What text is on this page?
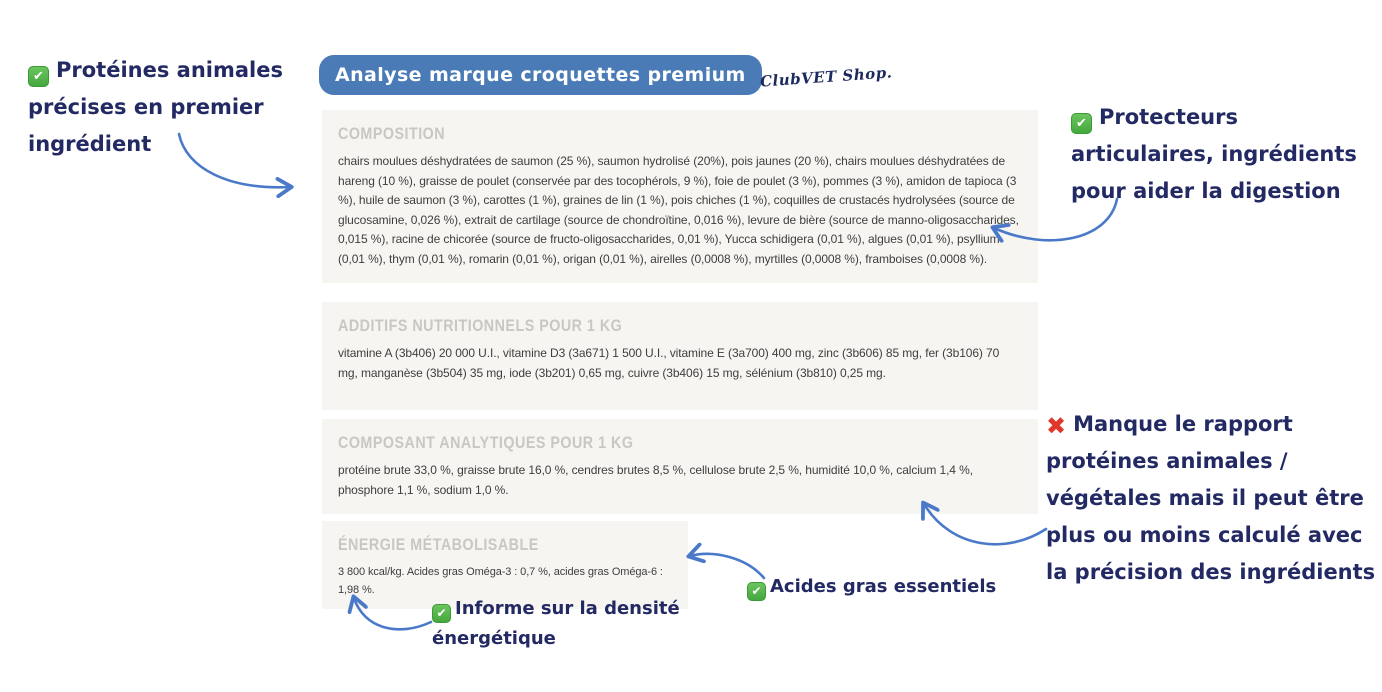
Analyse marque croquettes premium ClubVET Shop.
COMPOSITION
chairs moulues déshydratées de saumon (25 %), saumon hydrolisé (20%), pois jaunes (20 %), chairs moulues déshydratées de hareng (10 %), graisse de poulet (conservée par des tocophérols, 9 %), foie de poulet (3 %), pommes (3 %), amidon de tapioca (3 %), huile de saumon (3 %), carottes (1 %), graines de lin (1 %), pois chiches (1 %), coquilles de crustacés hydrolysées (source de glucosamine, 0,026 %), extrait de cartilage (source de chondroïtine, 0,016 %), levure de bière (source de manno-oligosaccharides, 0,015 %), racine de chicorée (source de fructo-oligosaccharides, 0,01 %), Yucca schidigera (0,01 %), algues (0,01 %), psyllium (0,01 %), thym (0,01 %), romarin (0,01 %), origan (0,01 %), airelles (0,0008 %), myrtilles (0,0008 %), framboises (0,0008 %).
ADDITIFS NUTRITIONNELS POUR 1 KG
vitamine A (3b406) 20 000 U.I., vitamine D3 (3a671) 1 500 U.I., vitamine E (3a700) 400 mg, zinc (3b606) 85 mg, fer (3b106) 70 mg, manganèse (3b504) 35 mg, iode (3b201) 0,65 mg, cuivre (3b406) 15 mg, sélénium (3b810) 0,25 mg.
COMPOSANT ANALYTIQUES POUR 1 KG
protéine brute 33,0 %, graisse brute 16,0 %, cendres brutes 8,5 %, cellulose brute 2,5 %, humidité 10,0 %, calcium 1,4 %, phosphore 1,1 %, sodium 1,0 %.
ÉNERGIE MÉTABOLISABLE
3 800 kcal/kg. Acides gras Oméga-3 : 0,7 %, acides gras Oméga-6 : 1,98 %.
✔ Protéines animales
précises en premier
ingrédient
✔ Protecteurs
articulaires, ingrédients
pour aider la digestion
✖ Manque le rapport
protéines animales /
végétales mais il peut être
plus ou moins calculé avec
la précision des ingrédients
✔ Acides gras essentiels
✔ Informe sur la densité
énergétique
